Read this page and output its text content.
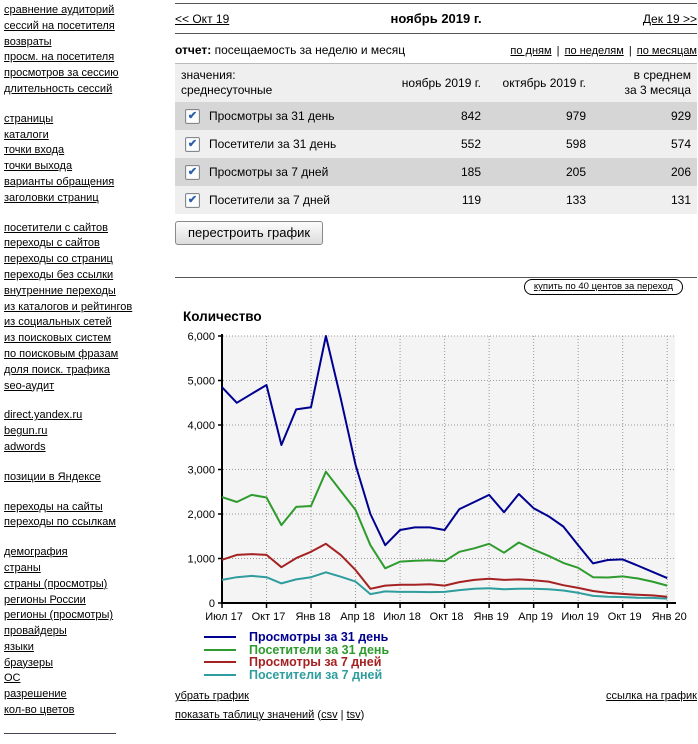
сравнение аудиторий
сессий на посетителя
возвраты
просм. на посетителя
просмотров за сессию
длительность сессий
страницы
каталоги
точки входа
точки выхода
варианты обращения
заголовки страниц
посетители с сайтов
переходы с сайтов
переходы со страниц
переходы без ссылки
внутренние переходы
из каталогов и рейтингов
из социальных сетей
из поисковых систем
по поисковым фразам
доля поиск. трафика
seo-аудит
direct.yandex.ru
begun.ru
adwords
позиции в Яндексе
переходы на сайты
переходы по ссылкам
демография
страны
страны (просмотры)
регионы России
регионы (просмотры)
провайдеры
языки
браузеры
ОС
разрешение
кол-во цветов
<< Окт 19	ноябрь 2019 г.	Дек 19 >>
отчет: посещаемость за неделю и месяц	по дням | по неделям | по месяцам
значения:
среднесуточные
ноябрь 2019 г.	октябрь 2019 г.
в среднем
за 3 месяца
✔ Просмотры за 31 день	842	979	929
✔ Посетители за 31 день	552	598	574
✔ Просмотры за 7 дней	185	205	206
✔ Посетители за 7 дней	119	133	131
перестроить график
купить по 40 центов за переход
Количество
0
1,000
2,000
3,000
4,000
5,000
6,000
Июл 17 Окт 17 Янв 18 Апр 18 Июл 18 Окт 18 Янв 19 Апр 19 Июл 19 Окт 19 Янв 20
Просмотры за 31 день
Посетители за 31 день
Просмотры за 7 дней
Посетители за 7 дней
убрать график	ссылка на график
показать таблицу значений (csv | tsv)
